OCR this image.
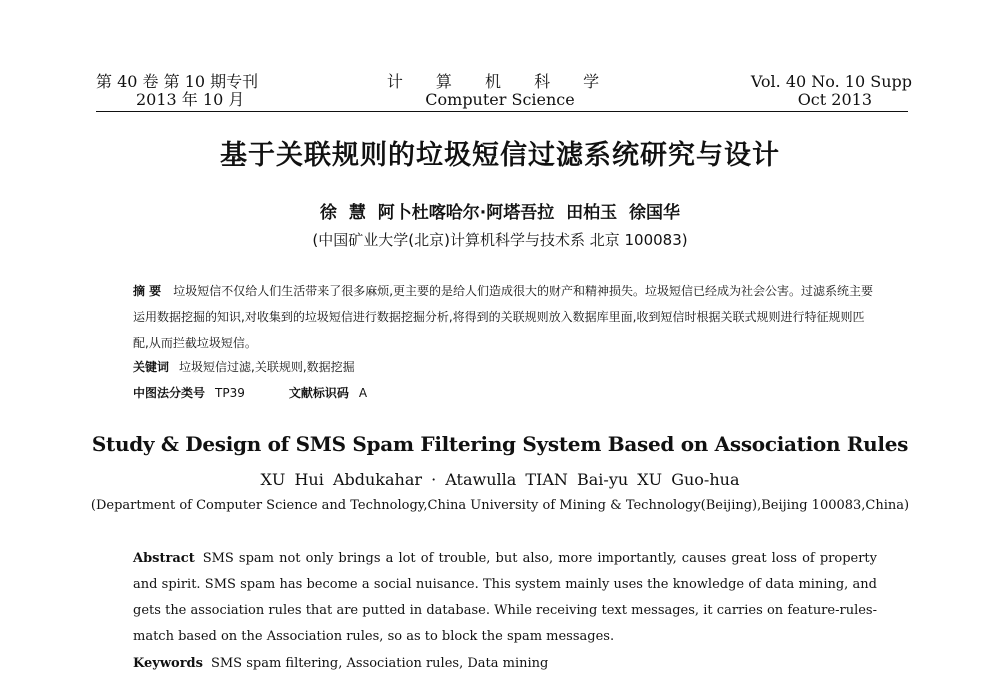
第 40 卷 第 10 期专刊
2013 年 10 月
计 算 机 科 学
Computer Science
Vol. 40 No. 10 Supp
Oct 2013
基于关联规则的垃圾短信过滤系统研究与设计
徐 慧 阿卜杜喀哈尔·阿塔吾拉 田柏玉 徐国华
(中国矿业大学(北京)计算机科学与技术系 北京 100083)
摘 要 垃圾短信不仅给人们生活带来了很多麻烦,更主要的是给人们造成很大的财产和精神损失。垃圾短信已经成为社会公害。过滤系统主要运用数据挖掘的知识,对收集到的垃圾短信进行数据挖掘分析,将得到的关联规则放入数据库里面,收到短信时根据关联式规则进行特征规则匹配,从而拦截垃圾短信。
关键词 垃圾短信过滤,关联规则,数据挖掘
中图法分类号 TP39	文献标识码 A
Study & Design of SMS Spam Filtering System Based on Association Rules
XU Hui Abdukahar · Atawulla TIAN Bai-yu XU Guo-hua
(Department of Computer Science and Technology,China University of Mining & Technology(Beijing),Beijing 100083,China)
Abstract SMS spam not only brings a lot of trouble, but also, more importantly, causes great loss of property and spirit. SMS spam has become a social nuisance. This system mainly uses the knowledge of data mining, and gets the association rules that are putted in database. While receiving text messages, it carries on feature-rules-match based on the Association rules, so as to block the spam messages.
Keywords SMS spam filtering, Association rules, Data mining
